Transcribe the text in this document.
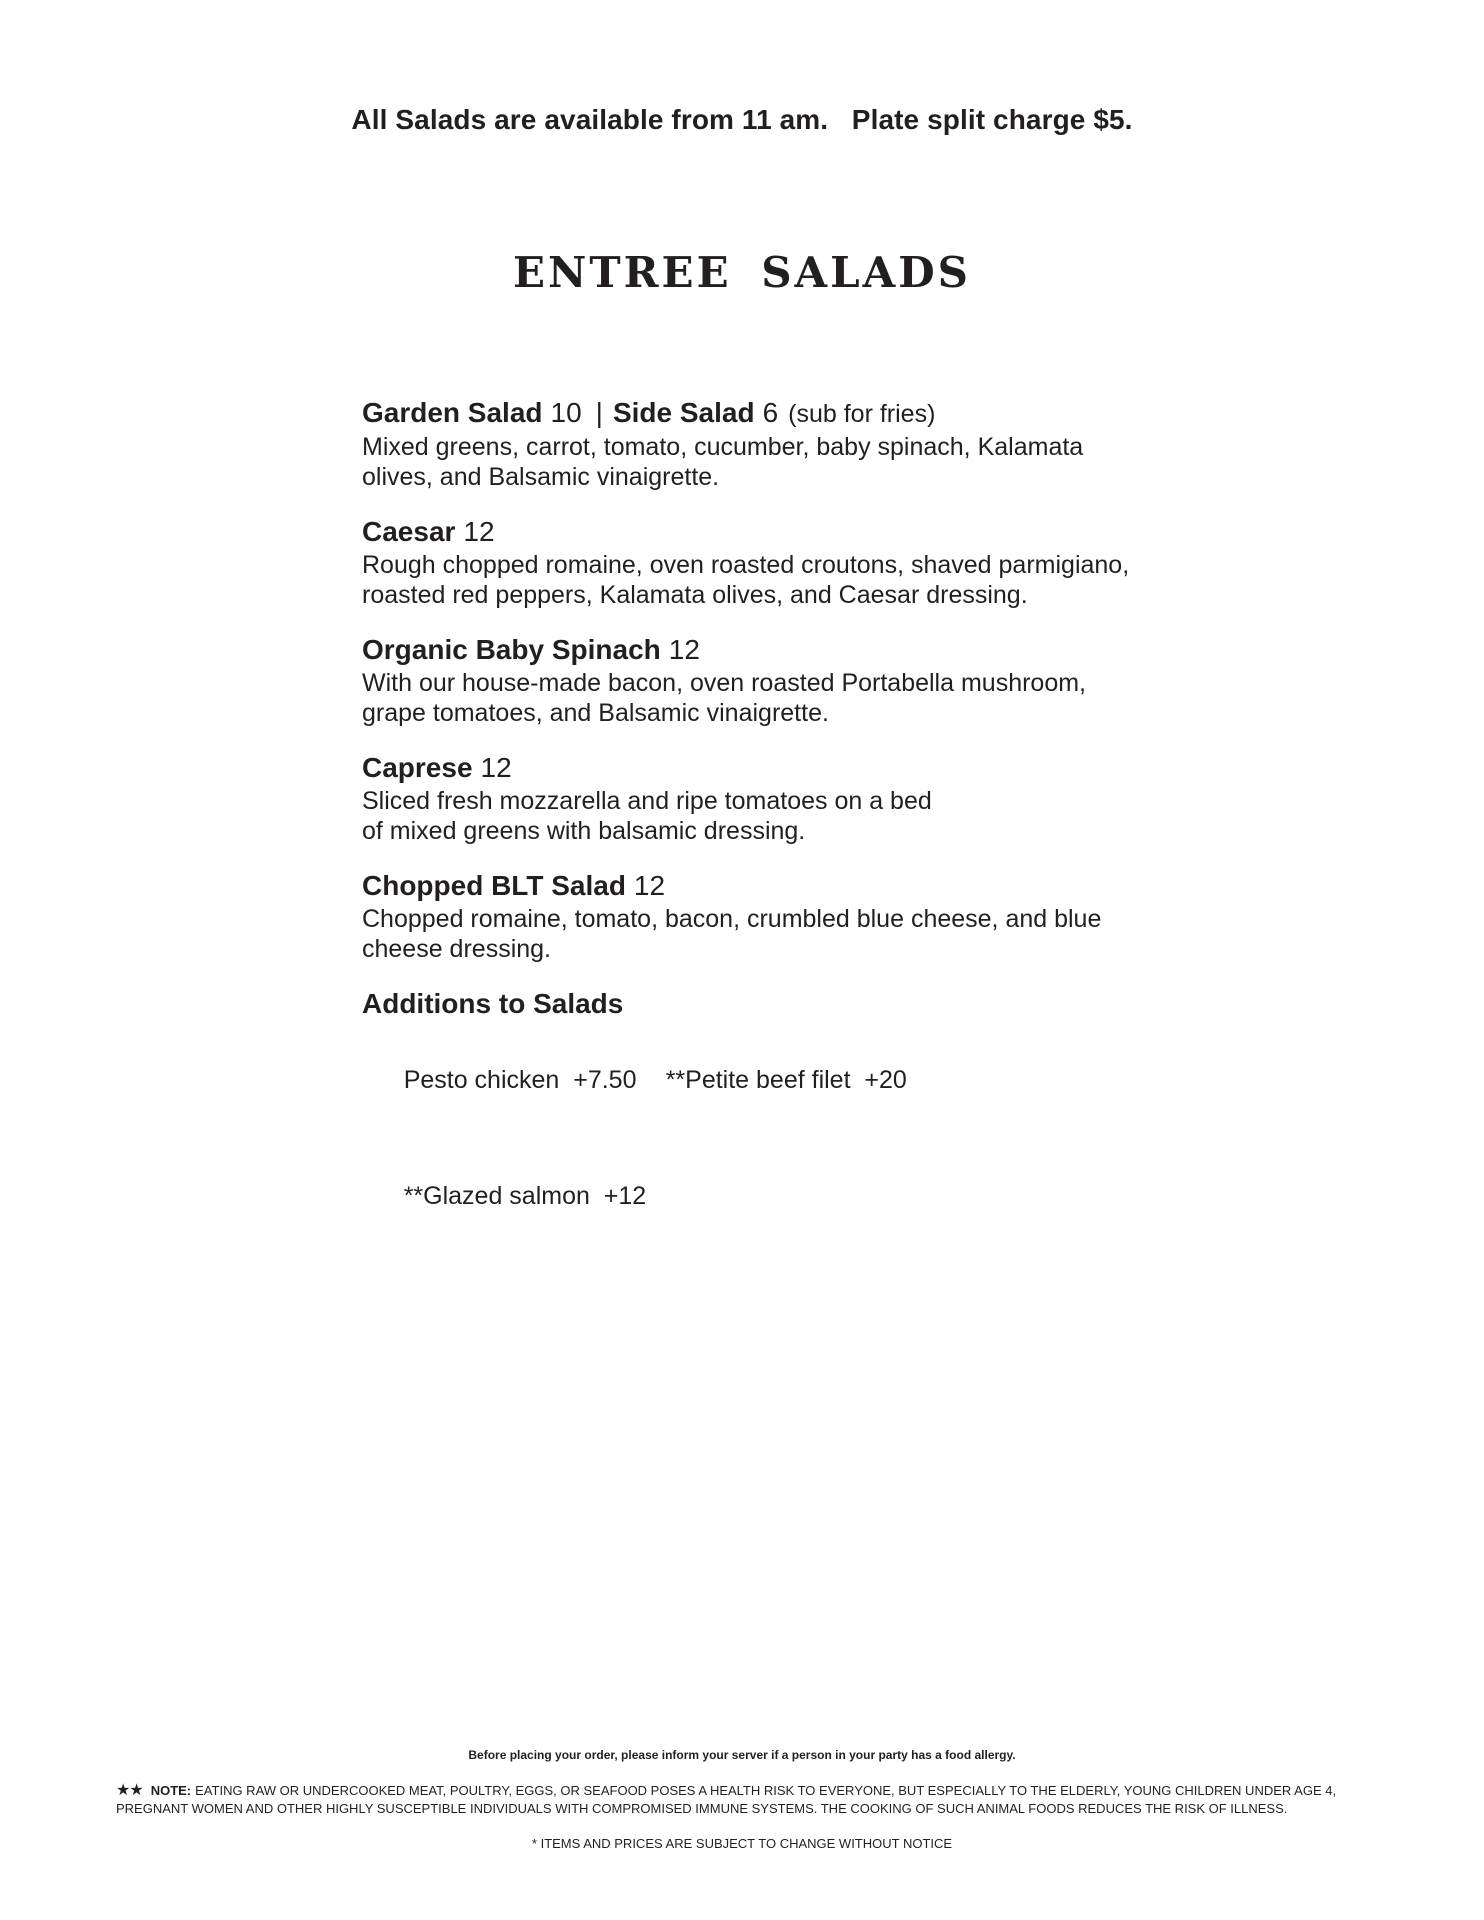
All Salads are available from 11 am.   Plate split charge $5.
ENTREE SALADS
Garden Salad 10 | Side Salad 6 (sub for fries)
Mixed greens, carrot, tomato, cucumber, baby spinach, Kalamata olives, and Balsamic vinaigrette.
Caesar 12
Rough chopped romaine, oven roasted croutons, shaved parmigiano, roasted red peppers, Kalamata olives, and Caesar dressing.
Organic Baby Spinach 12
With our house-made bacon, oven roasted Portabella mushroom, grape tomatoes, and Balsamic vinaigrette.
Caprese 12
Sliced fresh mozzarella and ripe tomatoes on a bed
of mixed greens with balsamic dressing.
Chopped BLT Salad 12
Chopped romaine, tomato, bacon, crumbled blue cheese, and blue cheese dressing.
Additions to Salads

Pesto chicken  +7.50 **Petite beef filet  +20

**Glazed salmon  +12

Before placing your order, please inform your server if a person in your party has a food allergy.
★★ NOTE: EATING RAW OR UNDERCOOKED MEAT, POULTRY, EGGS, OR SEAFOOD POSES A HEALTH RISK TO EVERYONE, BUT ESPECIALLY TO THE ELDERLY, YOUNG CHILDREN UNDER AGE 4, PREGNANT WOMEN AND OTHER HIGHLY SUSCEPTIBLE INDIVIDUALS WITH COMPROMISED IMMUNE SYSTEMS. THE COOKING OF SUCH ANIMAL FOODS REDUCES THE RISK OF ILLNESS.
* ITEMS AND PRICES ARE SUBJECT TO CHANGE WITHOUT NOTICE
